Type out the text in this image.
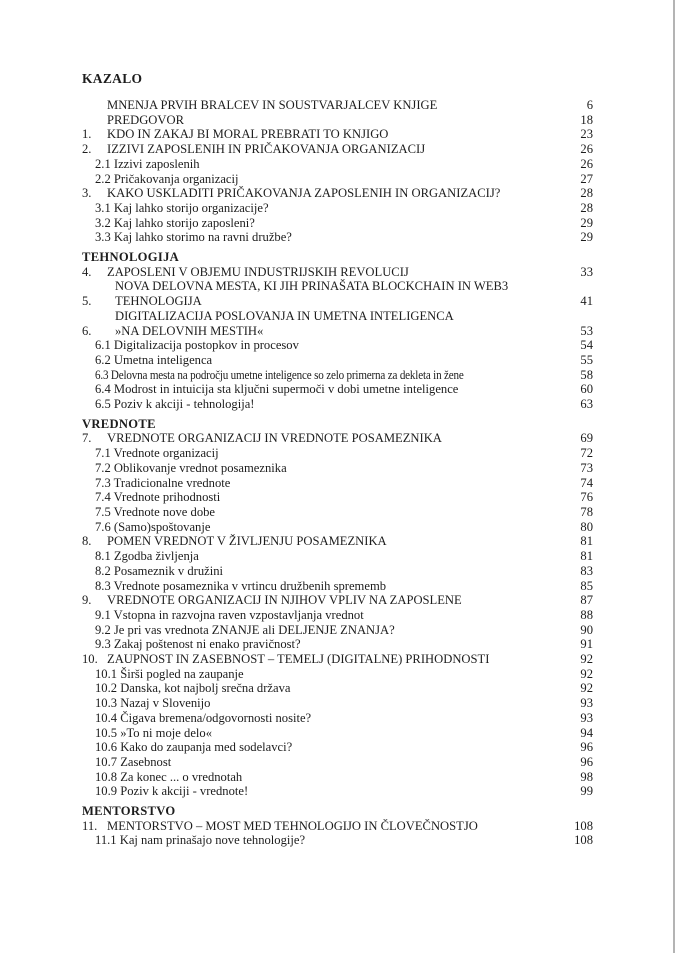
KAZALO
MNENJA PRVIH BRALCEV IN SOUSTVARJALCEV KNJIGE	6
PREDGOVOR	18
1.	KDO IN ZAKAJ BI MORAL PREBRATI TO KNJIGO	23
2.	IZZIVI ZAPOSLENIH IN PRIČAKOVANJA ORGANIZACIJ	26
2.1 Izzivi zaposlenih	26
2.2 Pričakovanja organizacij	27
3.	KAKO USKLADITI PRIČAKOVANJA ZAPOSLENIH IN ORGANIZACIJ?	28
3.1 Kaj lahko storijo organizacije?	28
3.2 Kaj lahko storijo zaposleni?	29
3.3 Kaj lahko storimo na ravni družbe?	29
TEHNOLOGIJA
4.	ZAPOSLENI V OBJEMU INDUSTRIJSKIH REVOLUCIJ	33
5.
NOVA DELOVNA MESTA, KI JIH PRINAŠATA BLOCKCHAIN IN WEB3
TEHNOLOGIJA	41
6.
DIGITALIZACIJA POSLOVANJA IN UMETNA INTELIGENCA
»NA DELOVNIH MESTIH«	53
6.1 Digitalizacija postopkov in procesov	54
6.2 Umetna inteligenca	55
6.3 Delovna mesta na področju umetne inteligence so zelo primerna za dekleta in žene	58
6.4 Modrost in intuicija sta ključni supermoči v dobi umetne inteligence	60
6.5 Poziv k akciji - tehnologija!	63
VREDNOTE
7.	VREDNOTE ORGANIZACIJ IN VREDNOTE POSAMEZNIKA	69
7.1 Vrednote organizacij	72
7.2 Oblikovanje vrednot posameznika	73
7.3 Tradicionalne vrednote	74
7.4 Vrednote prihodnosti	76
7.5 Vrednote nove dobe	78
7.6 (Samo)spoštovanje	80
8.	POMEN VREDNOT V ŽIVLJENJU POSAMEZNIKA	81
8.1 Zgodba življenja	81
8.2 Posameznik v družini	83
8.3 Vrednote posameznika v vrtincu družbenih sprememb	85
9.	VREDNOTE ORGANIZACIJ IN NJIHOV VPLIV NA ZAPOSLENE	87
9.1 Vstopna in razvojna raven vzpostavljanja vrednot	88
9.2 Je pri vas vrednota ZNANJE ali DELJENJE ZNANJA?	90
9.3 Zakaj poštenost ni enako pravičnost?	91
10. ZAUPNOST IN ZASEBNOST – TEMELJ (DIGITALNE) PRIHODNOSTI	92
10.1 Širši pogled na zaupanje	92
10.2 Danska, kot najbolj srečna država	92
10.3 Nazaj v Slovenijo	93
10.4 Čigava bremena/odgovornosti nosite?	93
10.5 »To ni moje delo«	94
10.6 Kako do zaupanja med sodelavci?	96
10.7 Zasebnost	96
10.8 Za konec ... o vrednotah	98
10.9 Poziv k akciji - vrednote!	99
MENTORSTVO
11. MENTORSTVO – MOST MED TEHNOLOGIJO IN ČLOVEČNOSTJO	108
11.1 Kaj nam prinašajo nove tehnologije?	108
